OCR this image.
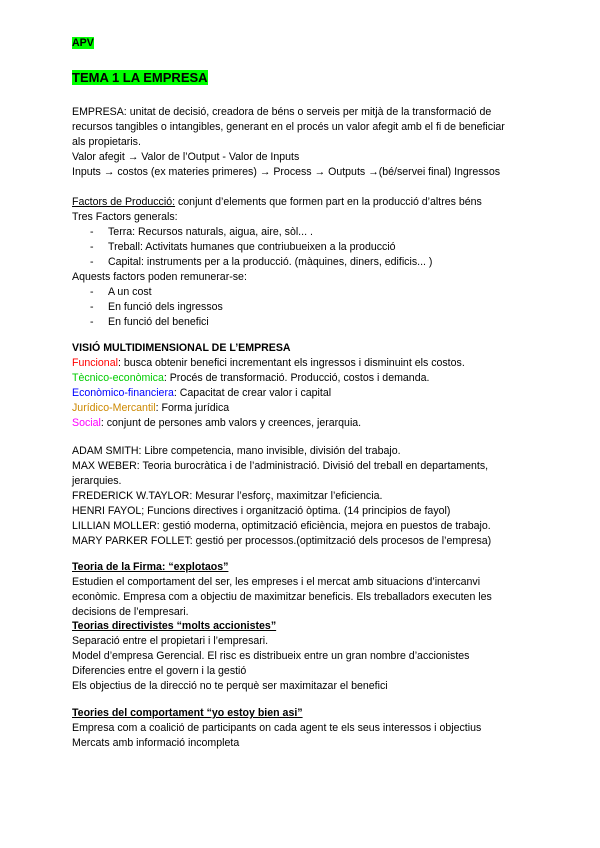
APV
TEMA 1 LA EMPRESA
EMPRESA: unitat de decisió, creadora de béns o serveis per mitjà de la transformació de
recursos tangibles o intangibles, generant en el procés un valor afegit amb el fi de beneficiar
als propietaris.
Valor afegit → Valor de l’Output - Valor de Inputs
Inputs → costos (ex materies primeres) → Process → Outputs →(bé/servei final) Ingressos
Factors de Producció: conjunt d’elements que formen part en la producció d’altres béns
Tres Factors generals:
- Terra: Recursos naturals, aigua, aire, sòl... .
- Treball: Activitats humanes que contriubueixen a la producció
- Capital: instruments per a la producció. (màquines, diners, edificis... )
Aquests factors poden remunerar-se:
- A un cost
- En funció dels ingressos
- En funció del benefici
VISIÓ MULTIDIMENSIONAL DE L’EMPRESA
Funcional: busca obtenir benefici incrementant els ingressos i disminuint els costos.
Tècnico-econòmica: Procés de transformació. Producció, costos i demanda.
Econòmico-financiera: Capacitat de crear valor i capital
Jurídico-Mercantil: Forma jurídica
Social: conjunt de persones amb valors y creences, jerarquia.
ADAM SMITH: Libre competencia, mano invisible, división del trabajo.
MAX WEBER: Teoria burocràtica i de l’administració. Divisió del treball en departaments,
jerarquies.
FREDERICK W.TAYLOR: Mesurar l’esforç, maximitzar l’eficiencia.
HENRI FAYOL; Funcions directives i organització òptima. (14 principios de fayol)
LILLIAN MOLLER: gestió moderna, optimització eficiència, mejora en puestos de trabajo.
MARY PARKER FOLLET: gestió per processos.(optimització dels procesos de l’empresa)
Teoria de la Firma: “explotaos”
Estudien el comportament del ser, les empreses i el mercat amb situacions d’intercanvi
econòmic. Empresa com a objectiu de maximitzar beneficis. Els treballadors executen les
decisions de l’empresari.
Teorias directivistes “molts accionistes”
Separació entre el propietari i l’empresari.
Model d’empresa Gerencial. El risc es distribueix entre un gran nombre d’accionistes
Diferencies entre el govern i la gestió
Els objectius de la direcció no te perquè ser maximitazar el benefici
Teories del comportament “yo estoy bien asi”
Empresa com a coalició de participants on cada agent te els seus interessos i objectius
Mercats amb informació incompleta
